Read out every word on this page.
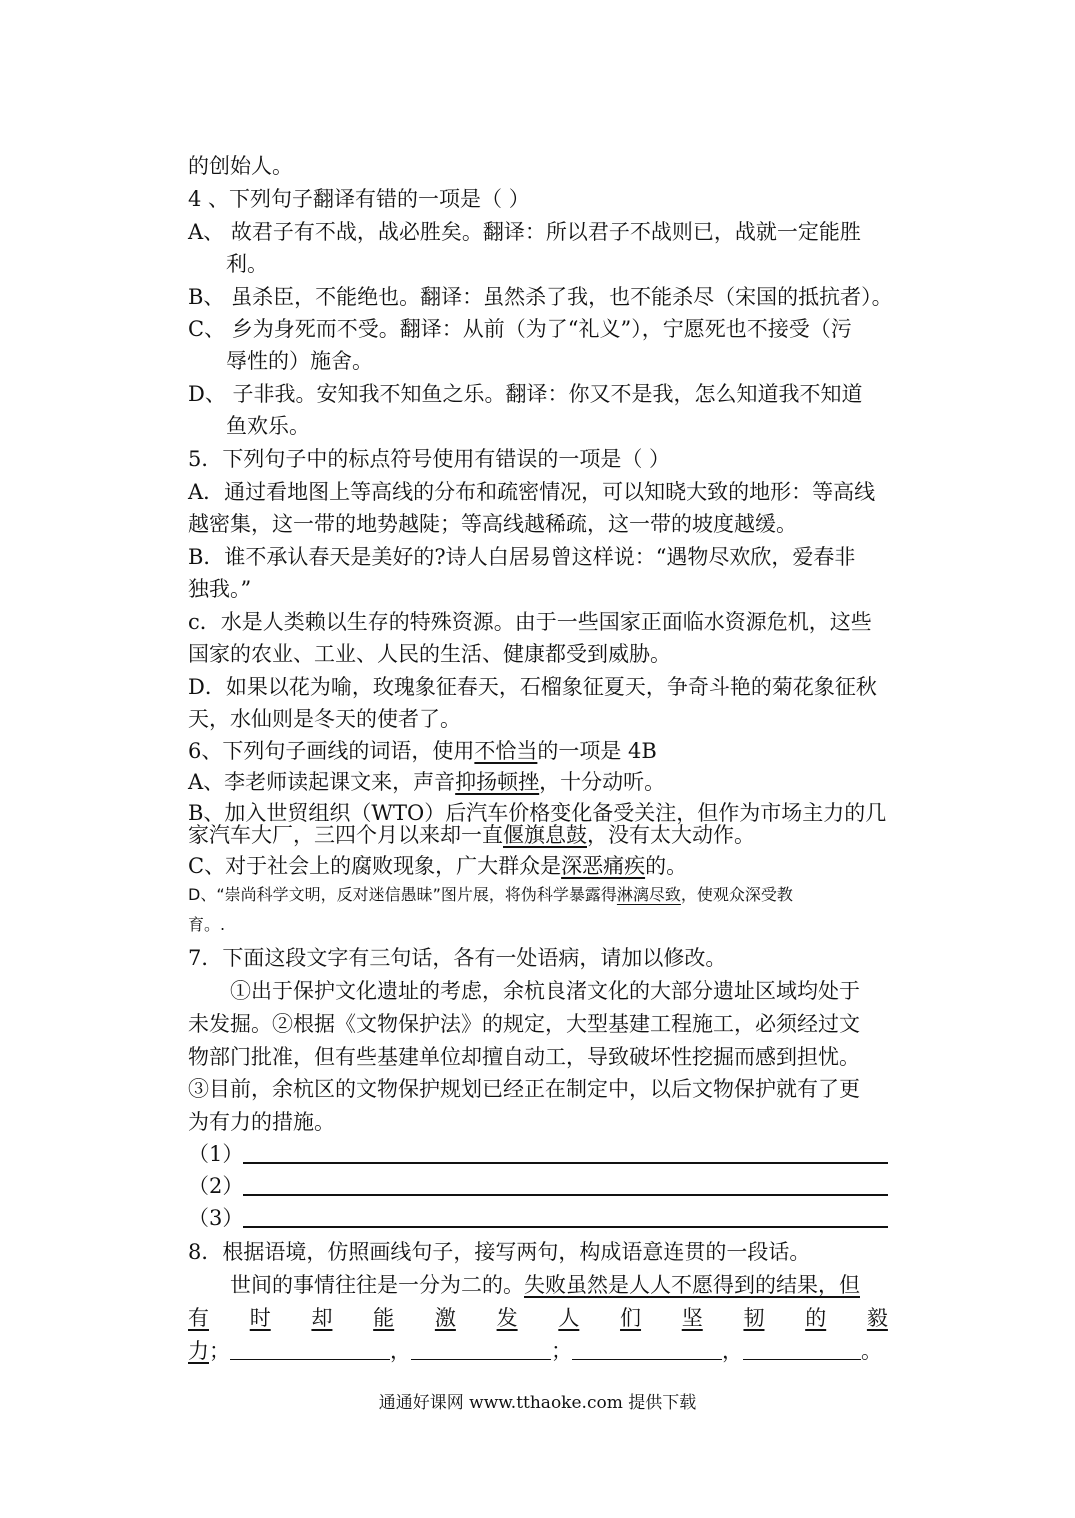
的创始人。
4 、下列句子翻译有错的一项是（ ）
A、 故君子有不战，战必胜矣。翻译：所以君子不战则已，战就一定能胜
利。
B、 虽杀臣，不能绝也。翻译：虽然杀了我，也不能杀尽（宋国的抵抗者）。
C、 乡为身死而不受。翻译：从前（为了“礼义”），宁愿死也不接受（污
辱性的）施舍。
D、 子非我。安知我不知鱼之乐。翻译：你又不是我，怎么知道我不知道
鱼欢乐。
5．下列句子中的标点符号使用有错误的一项是（ ）
A．通过看地图上等高线的分布和疏密情况，可以知晓大致的地形：等高线
越密集，这一带的地势越陡；等高线越稀疏，这一带的坡度越缓。
B．谁不承认春天是美好的?诗人白居易曾这样说：“遇物尽欢欣，爱春非
独我。”
c．水是人类赖以生存的特殊资源。由于一些国家正面临水资源危机，这些
国家的农业、工业、人民的生活、健康都受到威胁。
D．如果以花为喻，玫瑰象征春天，石榴象征夏天，争奇斗艳的菊花象征秋
天，水仙则是冬天的使者了。
6、下列句子画线的词语，使用不恰当的一项是 4B
A、李老师读起课文来，声音抑扬顿挫，十分动听。
B、加入世贸组织（WTO）后汽车价格变化备受关注，但作为市场主力的几
家汽车大厂，三四个月以来却一直偃旗息鼓，没有太大动作。
C、对于社会上的腐败现象，广大群众是深恶痛疾的。
D、“崇尚科学文明，反对迷信愚昧”图片展，将伪科学暴露得淋漓尽致，使观众深受教
育。.
7．下面这段文字有三句话，各有一处语病，请加以修改。
①出于保护文化遗址的考虑，余杭良渚文化的大部分遗址区域均处于
未发掘。②根据《文物保护法》的规定，大型基建工程施工，必须经过文
物部门批准，但有些基建单位却擅自动工，导致破坏性挖掘而感到担忧。
③目前，余杭区的文物保护规划已经正在制定中，以后文物保护就有了更
为有力的措施。
（1）
（2）
（3）
8．根据语境，仿照画线句子，接写两句，构成语意连贯的一段话。
世间的事情往往是一分为二的。失败虽然是人人不愿得到的结果，但
有 时 却 能 激 发 人 们 坚 韧 的 毅
力；	，	；	，	。
通通好课网 www.tthaoke.com 提供下载
